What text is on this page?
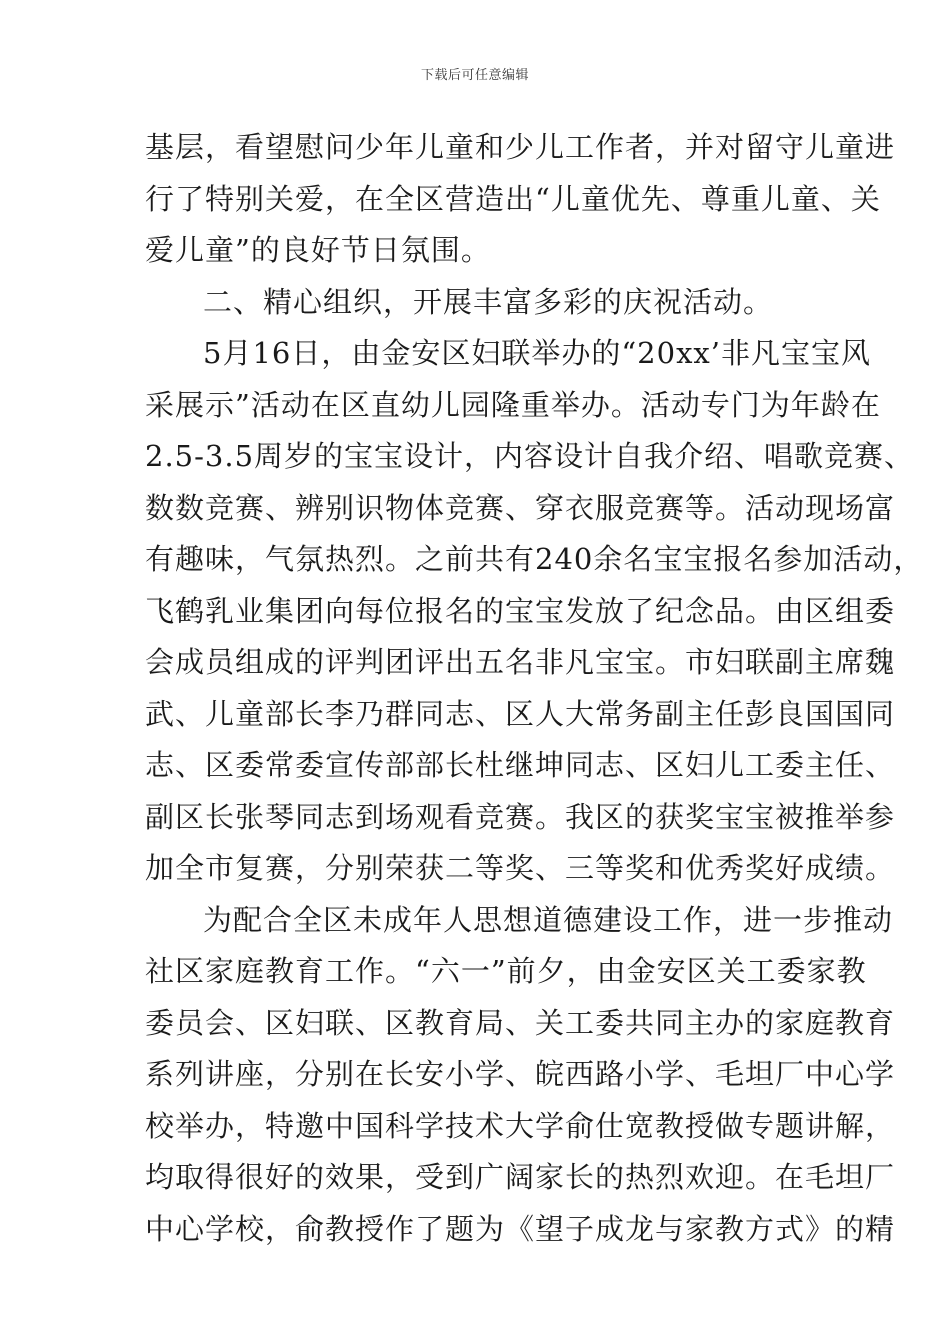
下载后可任意编辑
基层，看望慰问少年儿童和少儿工作者，并对留守儿童进
行了特别关爱，在全区营造出“儿童优先、尊重儿童、关
爱儿童”的良好节日氛围。
二、精心组织，开展丰富多彩的庆祝活动。
5月16日，由金安区妇联举办的“20xx’非凡宝宝风
采展示”活动在区直幼儿园隆重举办。活动专门为年龄在
2.5-3.5周岁的宝宝设计，内容设计自我介绍、唱歌竞赛、
数数竞赛、辨别识物体竞赛、穿衣服竞赛等。活动现场富
有趣味，气氛热烈。之前共有240余名宝宝报名参加活动，
飞鹤乳业集团向每位报名的宝宝发放了纪念品。由区组委
会成员组成的评判团评出五名非凡宝宝。市妇联副主席魏
武、儿童部长李乃群同志、区人大常务副主任彭良国国同
志、区委常委宣传部部长杜继坤同志、区妇儿工委主任、
副区长张琴同志到场观看竞赛。我区的获奖宝宝被推举参
加全市复赛，分别荣获二等奖、三等奖和优秀奖好成绩。
为配合全区未成年人思想道德建设工作，进一步推动
社区家庭教育工作。“六一”前夕，由金安区关工委家教
委员会、区妇联、区教育局、关工委共同主办的家庭教育
系列讲座，分别在长安小学、皖西路小学、毛坦厂中心学
校举办，特邀中国科学技术大学俞仕宽教授做专题讲解，
均取得很好的效果，受到广阔家长的热烈欢迎。在毛坦厂
中心学校，俞教授作了题为《望子成龙与家教方式》的精
